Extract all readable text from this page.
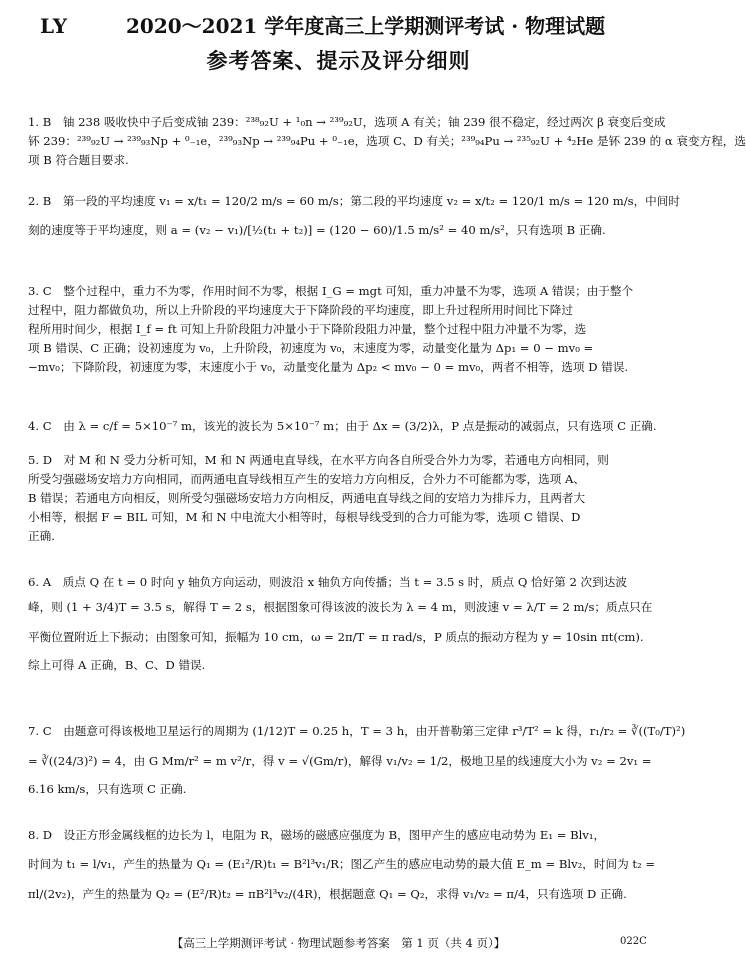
LY	2020～2021 学年度高三上学期测评考试 · 物理试题
参考答案、提示及评分细则
1. B　铀 238 吸收快中子后变成铀 239：²³⁸₉₂U + ¹₀n → ²³⁹₉₂U，选项 A 有关；铀 239 很不稳定，经过两次 β 衰变后变成
钚 239：²³⁹₉₂U → ²³⁹₉₃Np + ⁰₋₁e，²³⁹₉₃Np → ²³⁹₉₄Pu + ⁰₋₁e，选项 C、D 有关；²³⁹₉₄Pu → ²³⁵₉₂U + ⁴₂He 是钚 239 的 α 衰变方程，选
项 B 符合题目要求.
2. B　第一段的平均速度 v₁ = x/t₁ = 120/2 m/s = 60 m/s；第二段的平均速度 v₂ = x/t₂ = 120/1 m/s = 120 m/s，中间时
刻的速度等于平均速度，则 a = (v₂ − v₁)/[½(t₁ + t₂)] = (120 − 60)/1.5 m/s² = 40 m/s²，只有选项 B 正确.
3. C　整个过程中，重力不为零，作用时间不为零，根据 I_G = mgt 可知，重力冲量不为零，选项 A 错误；由于整个
过程中，阻力都做负功，所以上升阶段的平均速度大于下降阶段的平均速度，即上升过程所用时间比下降过
程所用时间少，根据 I_f = ft 可知上升阶段阻力冲量小于下降阶段阻力冲量，整个过程中阻力冲量不为零，选
项 B 错误、C 正确；设初速度为 v₀，上升阶段，初速度为 v₀，末速度为零，动量变化量为 Δp₁ = 0 − mv₀ =
−mv₀；下降阶段，初速度为零，末速度小于 v₀，动量变化量为 Δp₂ < mv₀ − 0 = mv₀，两者不相等，选项 D 错误.
4. C　由 λ = c/f = 5×10⁻⁷ m，该光的波长为 5×10⁻⁷ m；由于 Δx = (3/2)λ，P 点是振动的减弱点，只有选项 C 正确.
5. D　对 M 和 N 受力分析可知，M 和 N 两通电直导线，在水平方向各自所受合外力为零，若通电方向相同，则
所受匀强磁场安培力方向相同，而两通电直导线相互产生的安培力方向相反，合外力不可能都为零，选项 A、
B 错误；若通电方向相反，则所受匀强磁场安培力方向相反，两通电直导线之间的安培力为排斥力，且两者大
小相等，根据 F = BIL 可知，M 和 N 中电流大小相等时，每根导线受到的合力可能为零，选项 C 错误、D
正确.
6. A　质点 Q 在 t = 0 时向 y 轴负方向运动，则波沿 x 轴负方向传播；当 t = 3.5 s 时，质点 Q 恰好第 2 次到达波
峰，则 (1 + 3/4)T = 3.5 s，解得 T = 2 s，根据图象可得该波的波长为 λ = 4 m，则波速 v = λ/T = 2 m/s；质点只在
平衡位置附近上下振动；由图象可知，振幅为 10 cm，ω = 2π/T = π rad/s，P 质点的振动方程为 y = 10sin πt(cm).
综上可得 A 正确，B、C、D 错误.
7. C　由题意可得该极地卫星运行的周期为 (1/12)T = 0.25 h，T = 3 h，由开普勒第三定律 r³/T² = k 得，r₁/r₂ = ∛((T₀/T)²)
= ∛((24/3)²) = 4，由 G Mm/r² = m v²/r，得 v = √(Gm/r)，解得 v₁/v₂ = 1/2，极地卫星的线速度大小为 v₂ = 2v₁ =
6.16 km/s，只有选项 C 正确.
8. D　设正方形金属线框的边长为 l，电阻为 R，磁场的磁感应强度为 B，图甲产生的感应电动势为 E₁ = Blv₁，
时间为 t₁ = l/v₁，产生的热量为 Q₁ = (E₁²/R)t₁ = B²l³v₁/R；图乙产生的感应电动势的最大值 E_m = Blv₂，时间为 t₂ =
πl/(2v₂)，产生的热量为 Q₂ = (E²/R)t₂ = πB²l³v₂/(4R)，根据题意 Q₁ = Q₂，求得 v₁/v₂ = π/4，只有选项 D 正确.
【高三上学期测评考试 · 物理试题参考答案　第 1 页（共 4 页）】	022C
